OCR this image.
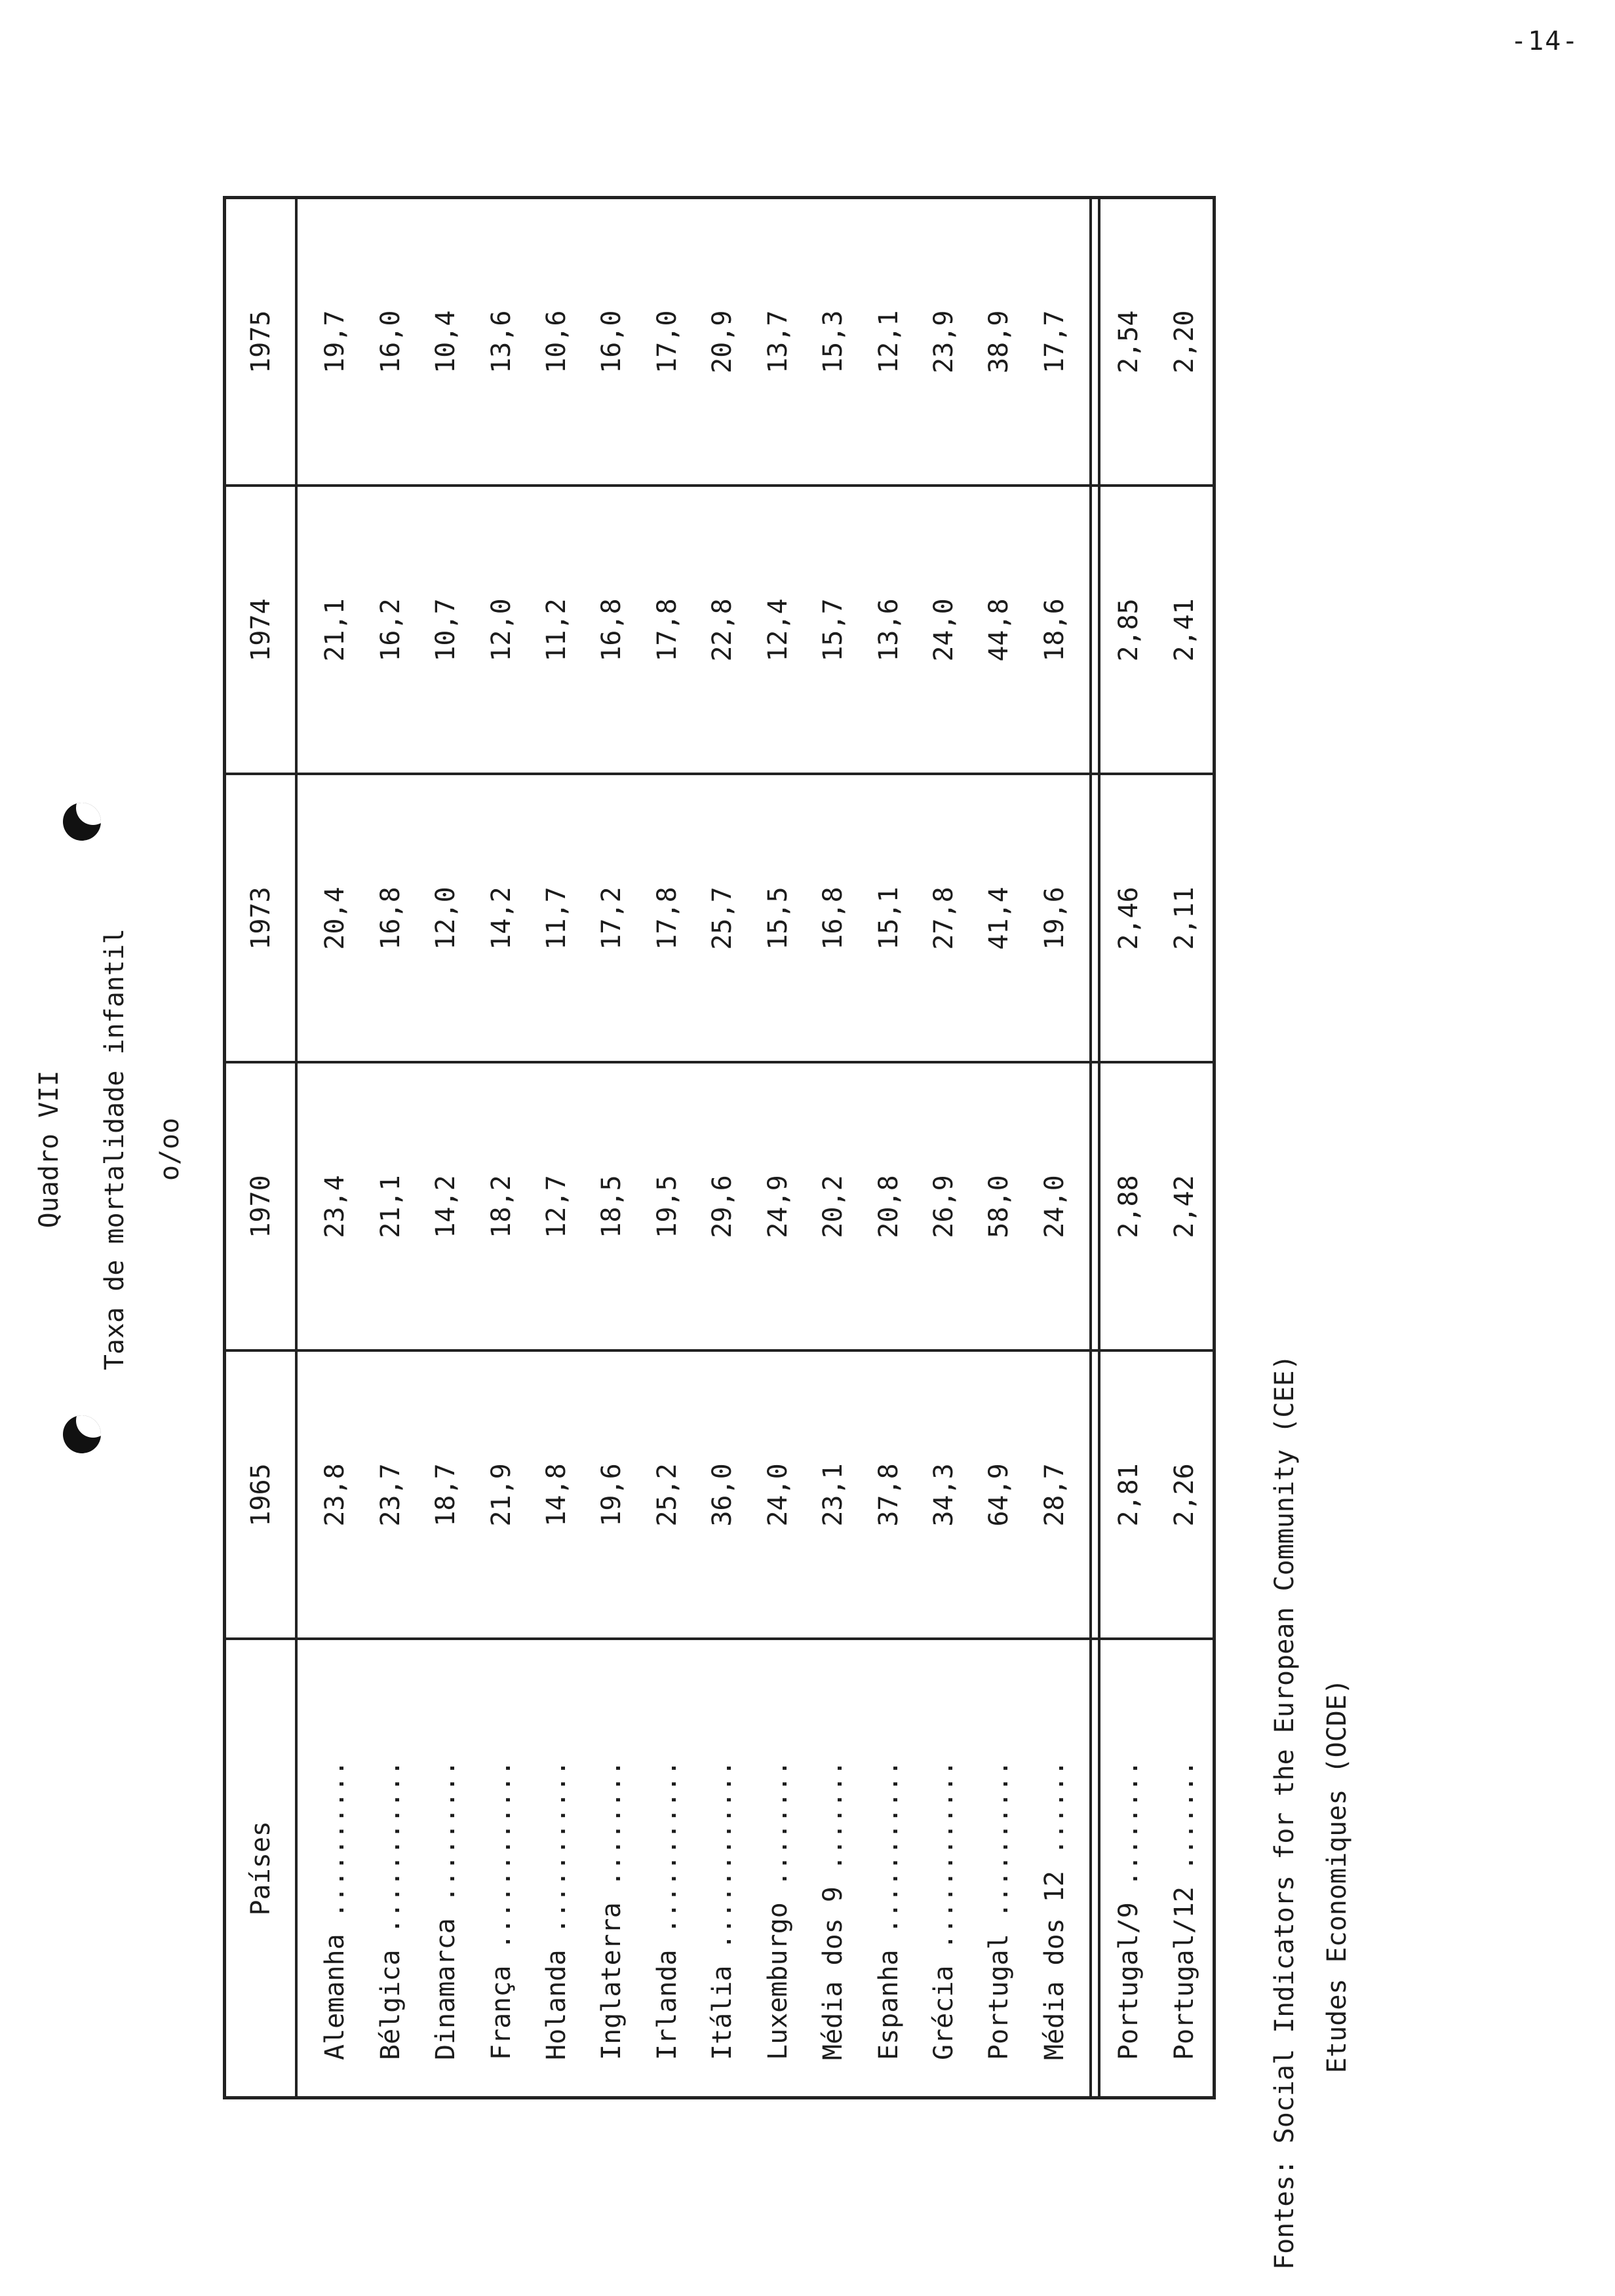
-14-
Quadro VII Taxa de mortalidade infantil o/oo
Países	1965	1970	1973	1974	1975

Alemanha ..........	23,8	23,4	20,4	21,1	19,7
Bélgica ...........	23,7	21,1	16,8	16,2	16,0
Dinamarca .........	18,7	14,2	12,0	10,7	10,4
França ............	21,9	18,2	14,2	12,0	13,6
Holanda ...........	14,8	12,7	11,7	11,2	10,6
Inglaterra ........	19,6	18,5	17,2	16,8	16,0
Irlanda ...........	25,2	19,5	17,8	17,8	17,0
Itália ............	36,0	29,6	25,7	22,8	20,9
Luxemburgo ........	24,0	24,9	15,5	12,4	13,7
Média dos 9 .......	23,1	20,2	16,8	15,7	15,3
Espanha ...........	37,8	20,8	15,1	13,6	12,1
Grécia ............	34,3	26,9	27,8	24,0	23,9
Portugal ..........	64,9	58,0	41,4	44,8	38,9
Média dos 12 ......	28,7	24,0	19,6	18,6	17,7

Portugal/9 ........	2,81	2,88	2,46	2,85	2,54
Portugal/12 .......	2,26	2,42	2,11	2,41	2,20
Fontes: Social Indicators for the European Community (CEE) Etudes Economiques (OCDE)
